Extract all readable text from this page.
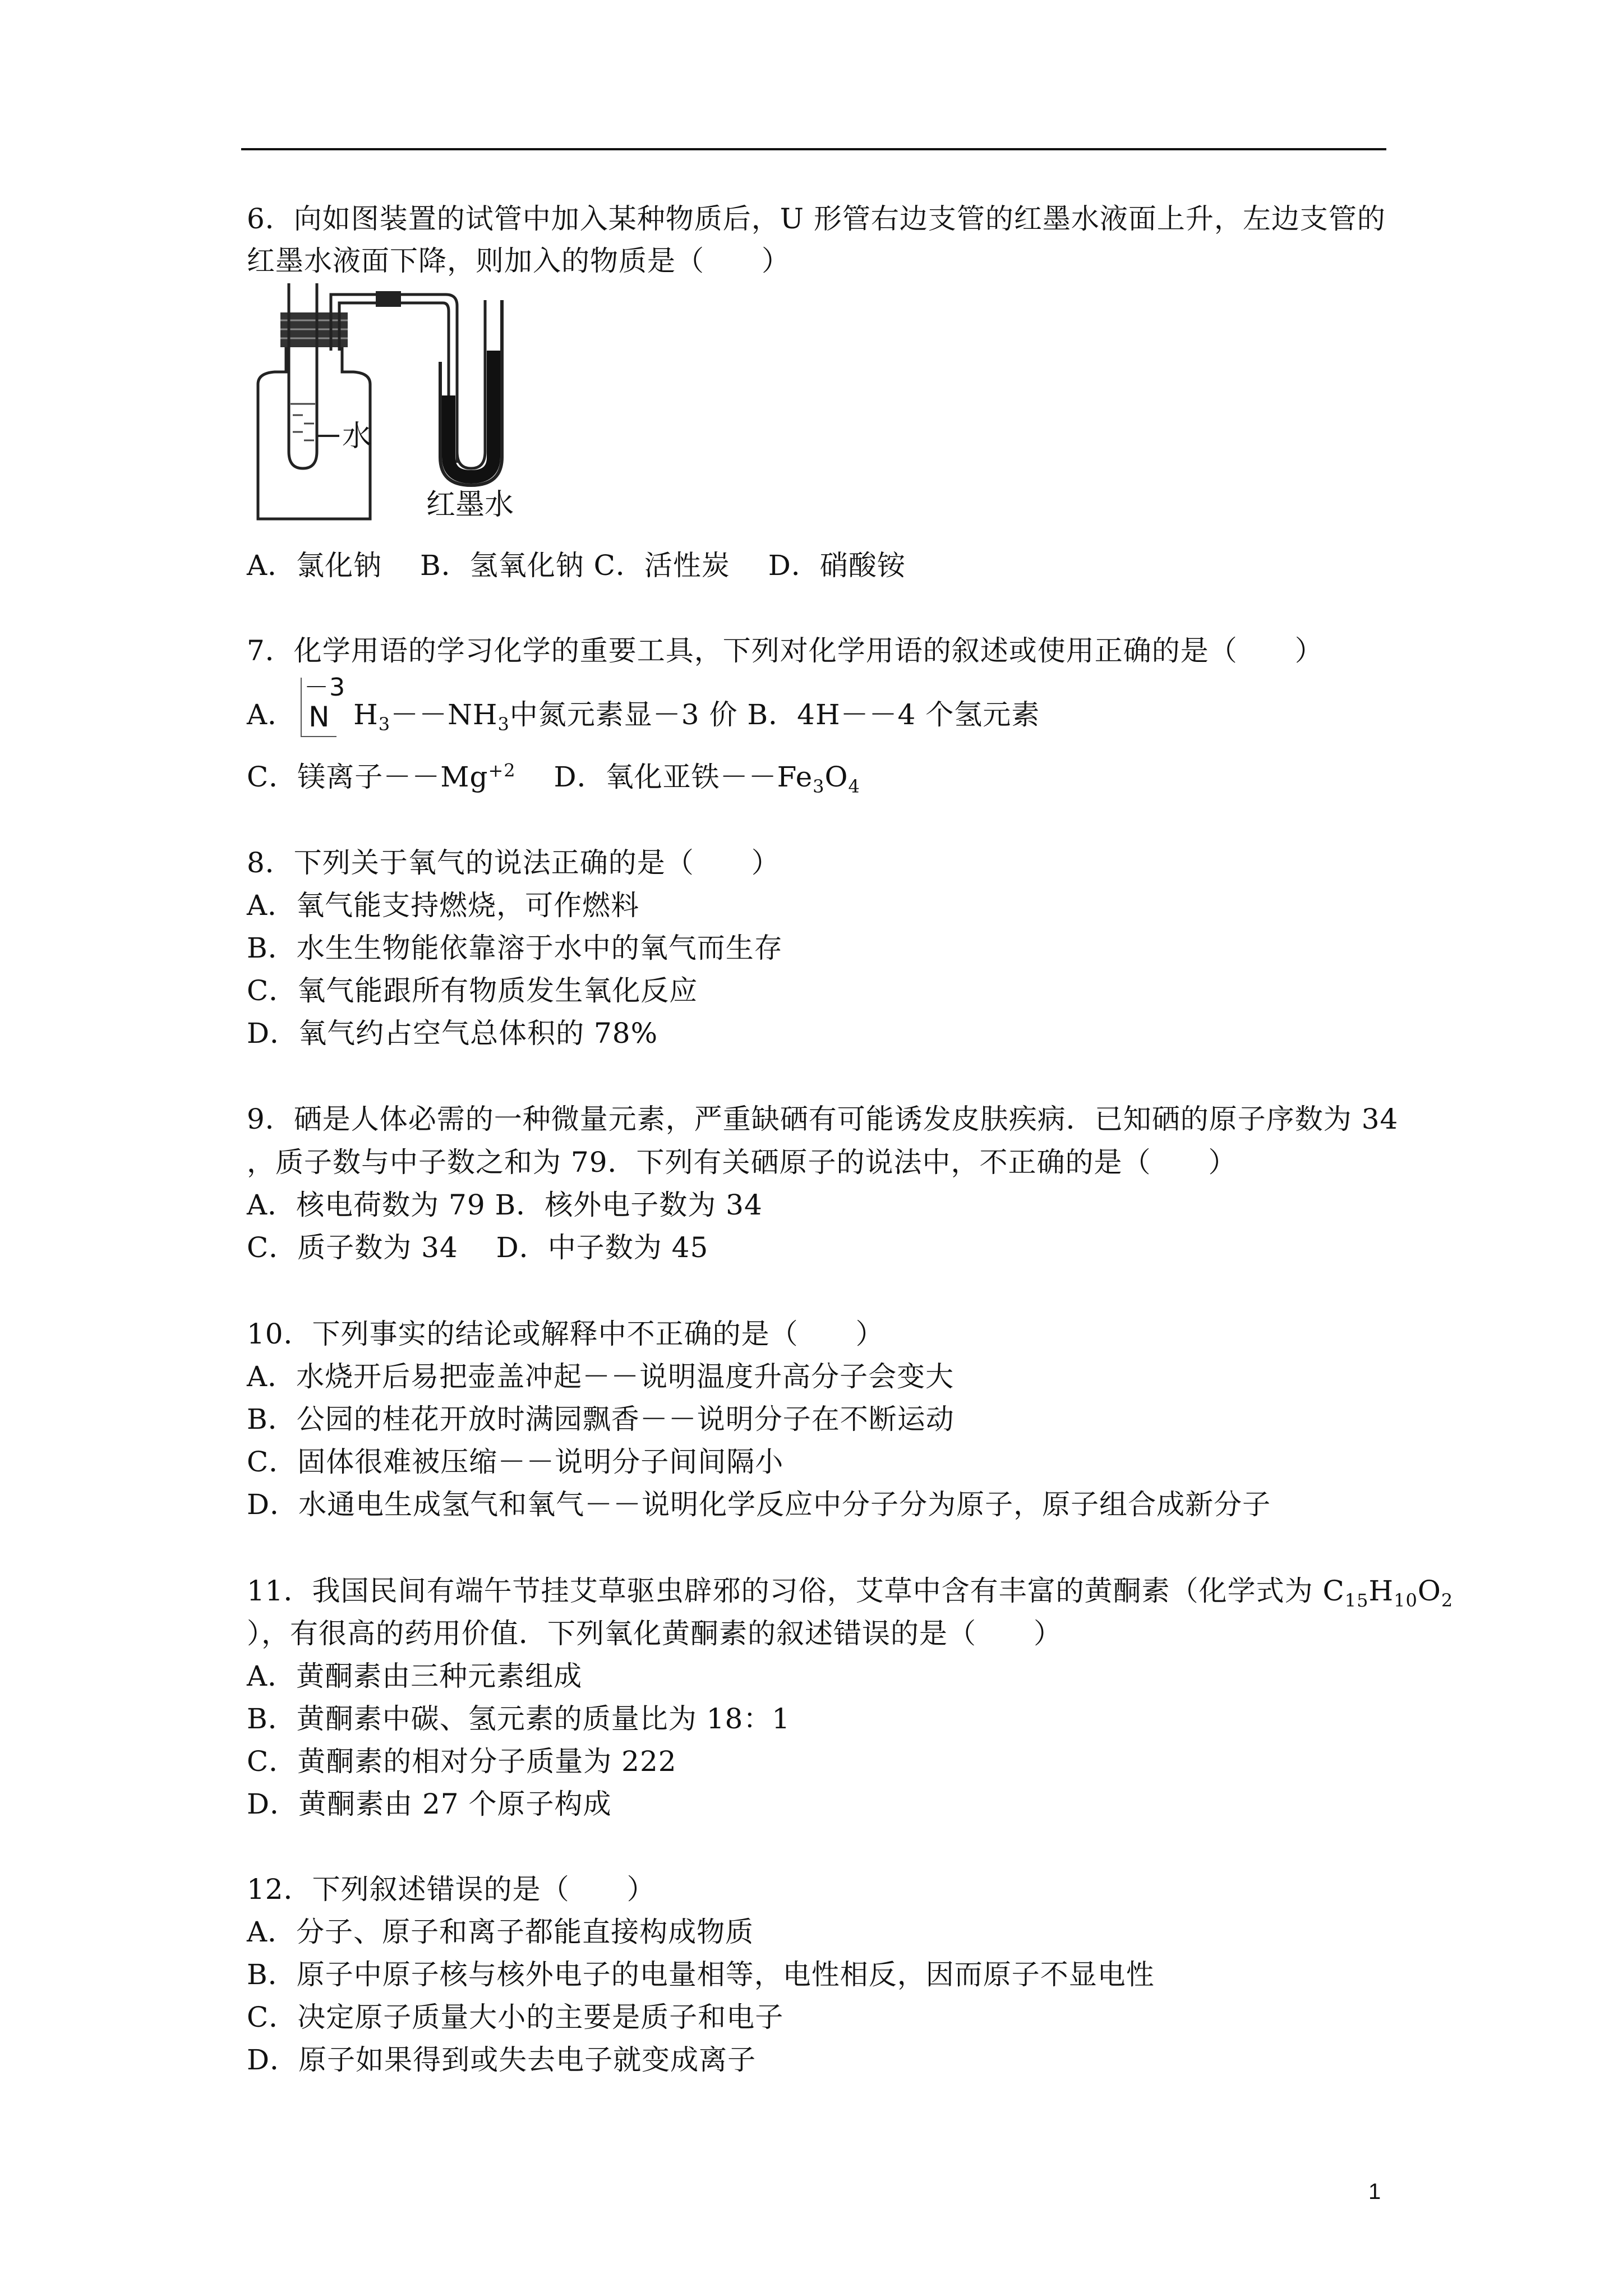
6．向如图装置的试管中加入某种物质后，U 形管右边支管的红墨水液面上升，左边支管的
红墨水液面下降，则加入的物质是（　　）
水
红墨水
A．氯化钠　 B．氢氧化钠 C．活性炭　 D．硝酸铵
7．化学用语的学习化学的重要工具，下列对化学用语的叙述或使用正确的是（　　）
A．
－3
N $H_3--NH_3$中氮元素显－3 价 B．4H－－4 个氢元素
C．镁离子$--Mg^{+2}$　 D．氧化亚铁$--Fe_3O_4$
8．下列关于氧气的说法正确的是（　　）
A．氧气能支持燃烧，可作燃料
B．水生生物能依靠溶于水中的氧气而生存
C．氧气能跟所有物质发生氧化反应
D．氧气约占空气总体积的 78%
9．硒是人体必需的一种微量元素，严重缺硒有可能诱发皮肤疾病．已知硒的原子序数为 34
，质子数与中子数之和为 79．下列有关硒原子的说法中，不正确的是（　　）
A．核电荷数为 79 B．核外电子数为 34
C．质子数为 34　 D．中子数为 45
10．下列事实的结论或解释中不正确的是（　　）
A．水烧开后易把壶盖冲起－－说明温度升高分子会变大
B．公园的桂花开放时满园飘香－－说明分子在不断运动
C．固体很难被压缩－－说明分子间间隔小
D．水通电生成氢气和氧气－－说明化学反应中分子分为原子，原子组合成新分子
11．我国民间有端午节挂艾草驱虫辟邪的习俗，艾草中含有丰富的黄酮素（化学式为 $C_{15}H_{10}O_2$
），有很高的药用价值．下列氧化黄酮素的叙述错误的是（　　）
A．黄酮素由三种元素组成
B．黄酮素中碳、氢元素的质量比为 18：1
C．黄酮素的相对分子质量为 222
D．黄酮素由 27 个原子构成
12．下列叙述错误的是（　　）
A．分子、原子和离子都能直接构成物质
B．原子中原子核与核外电子的电量相等，电性相反，因而原子不显电性
C．决定原子质量大小的主要是质子和电子
D．原子如果得到或失去电子就变成离子
1
